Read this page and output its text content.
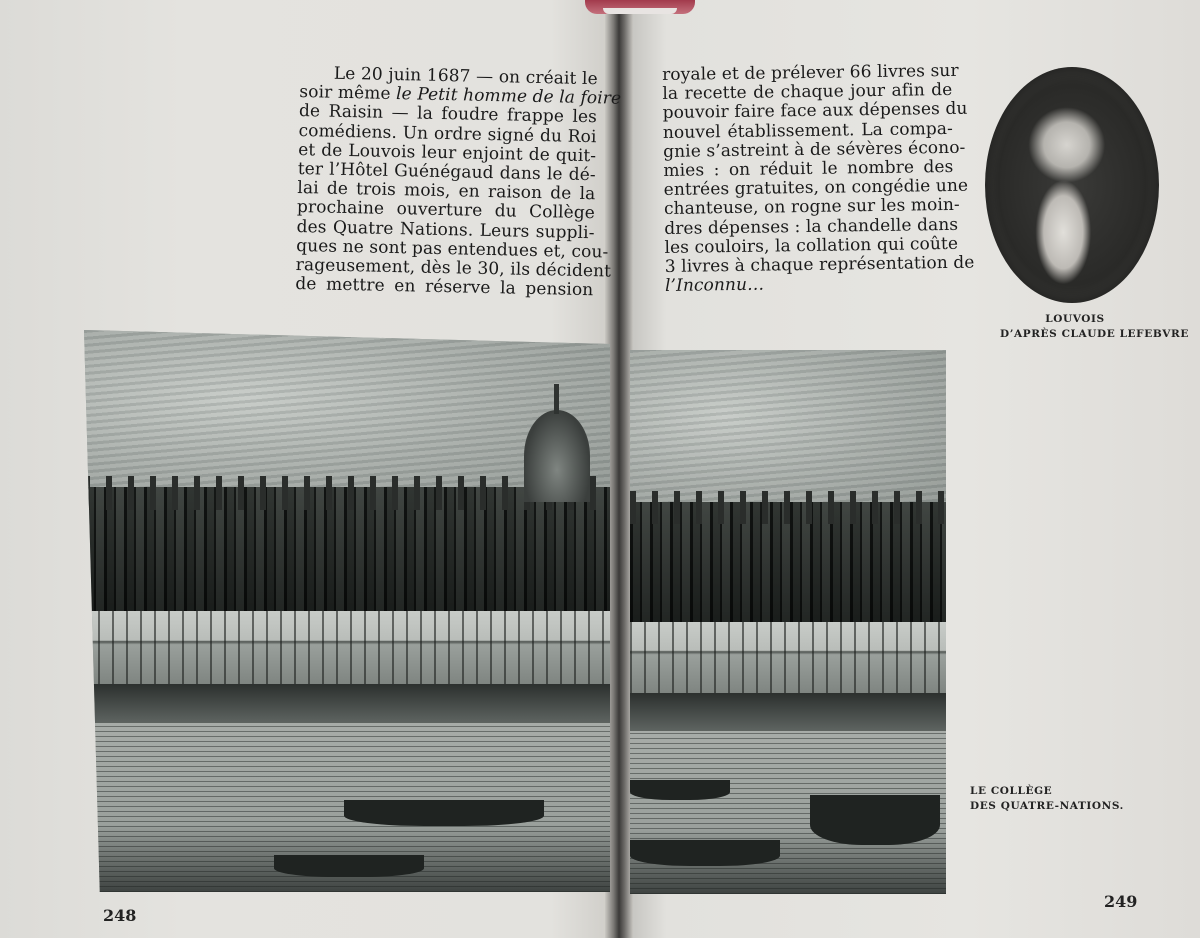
Le 20 juin 1687 — on créait le
soir même le Petit homme de la foire
de Raisin — la foudre frappe les
comédiens. Un ordre signé du Roi
et de Louvois leur enjoint de quit-
ter l’Hôtel Guénégaud dans le dé-
lai de trois mois, en raison de la
prochaine ouverture du Collège
des Quatre Nations. Leurs suppli-
ques ne sont pas entendues et, cou-
rageusement, dès le 30, ils décident
de mettre en réserve la pension
royale et de prélever 66 livres sur
la recette de chaque jour afin de
pouvoir faire face aux dépenses du
nouvel établissement. La compa-
gnie s’astreint à de sévères écono-
mies : on réduit le nombre des
entrées gratuites, on congédie une
chanteuse, on rogne sur les moin-
dres dépenses : la chandelle dans
les couloirs, la collation qui coûte
3 livres à chaque représentation de
l’Inconnu…
LOUVOIS
D’APRÈS CLAUDE LEFEBVRE
LE COLLÈGE
DES QUATRE-NATIONS.
248
249
